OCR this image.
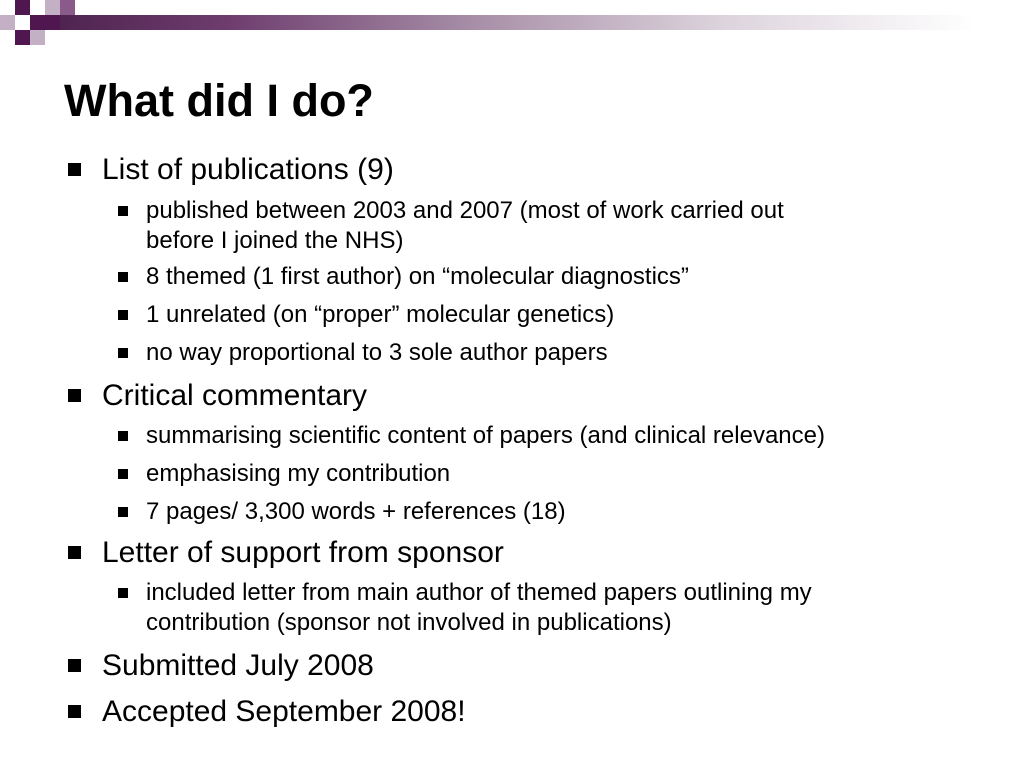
What did I do?
List of publications (9)
published between 2003 and 2007 (most of work carried out
before I joined the NHS)
8 themed (1 first author) on “molecular diagnostics”
1 unrelated (on “proper” molecular genetics)
no way proportional to 3 sole author papers
Critical commentary
summarising scientific content of papers (and clinical relevance)
emphasising my contribution
7 pages/ 3,300 words + references (18)
Letter of support from sponsor
included letter from main author of themed papers outlining my
contribution (sponsor not involved in publications)
Submitted July 2008
Accepted September 2008!
